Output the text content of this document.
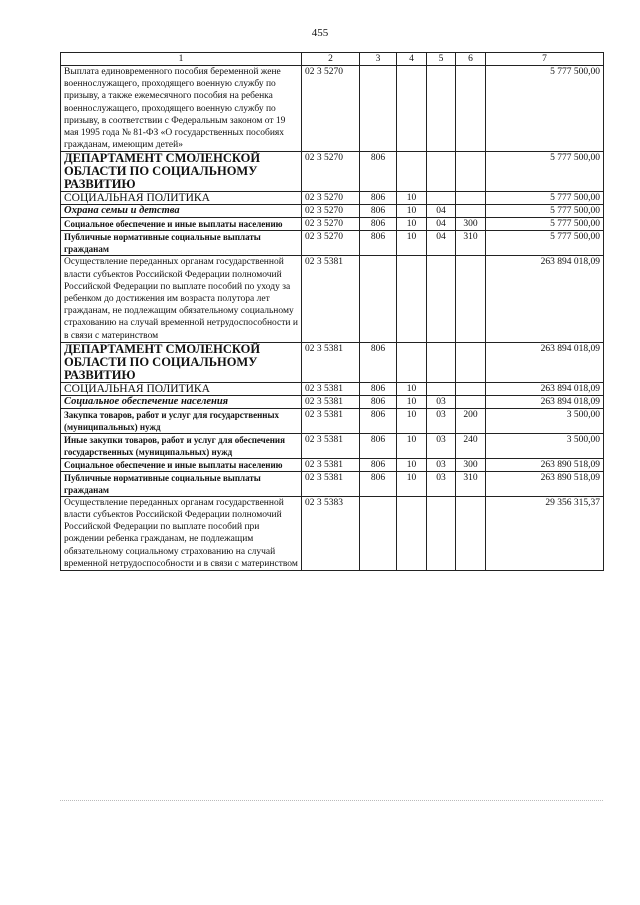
455
1	2	3	4	5	6	7
Выплата единовременного пособия беременной жене военнослужащего, проходящего военную службу по призыву, а также ежемесячного пособия на ребенка военнослужащего, проходящего военную службу по призыву, в соответствии с Федеральным законом от 19 мая 1995 года № 81-ФЗ «О государственных пособиях гражданам, имеющим детей»	02 3 5270					5 777 500,00
ДЕПАРТАМЕНТ СМОЛЕНСКОЙ ОБЛАСТИ ПО СОЦИАЛЬНОМУ РАЗВИТИЮ	02 3 5270	806				5 777 500,00
СОЦИАЛЬНАЯ ПОЛИТИКА	02 3 5270	806	10			5 777 500,00
Охрана семьи и детства	02 3 5270	806	10	04		5 777 500,00
Социальное обеспечение и иные выплаты населению	02 3 5270	806	10	04	300	5 777 500,00
Публичные нормативные социальные выплаты гражданам	02 3 5270	806	10	04	310	5 777 500,00
Осуществление переданных органам государственной власти субъектов Российской Федерации полномочий Российской Федерации по выплате пособий по уходу за ребенком до достижения им возраста полутора лет гражданам, не подлежащим обязательному социальному страхованию на случай временной нетрудоспособности и в связи с материнством	02 3 5381					263 894 018,09
ДЕПАРТАМЕНТ СМОЛЕНСКОЙ ОБЛАСТИ ПО СОЦИАЛЬНОМУ РАЗВИТИЮ	02 3 5381	806				263 894 018,09
СОЦИАЛЬНАЯ ПОЛИТИКА	02 3 5381	806	10			263 894 018,09
Социальное обеспечение населения	02 3 5381	806	10	03		263 894 018,09
Закупка товаров, работ и услуг для государственных (муниципальных) нужд	02 3 5381	806	10	03	200	3 500,00
Иные закупки товаров, работ и услуг для обеспечения государственных (муниципальных) нужд	02 3 5381	806	10	03	240	3 500,00
Социальное обеспечение и иные выплаты населению	02 3 5381	806	10	03	300	263 890 518,09
Публичные нормативные социальные выплаты гражданам	02 3 5381	806	10	03	310	263 890 518,09
Осуществление переданных органам государственной власти субъектов Российской Федерации полномочий Российской Федерации по выплате пособий при рождении ребенка гражданам, не подлежащим обязательному социальному страхованию на случай временной нетрудоспособности и в связи с материнством	02 3 5383					29 356 315,37
